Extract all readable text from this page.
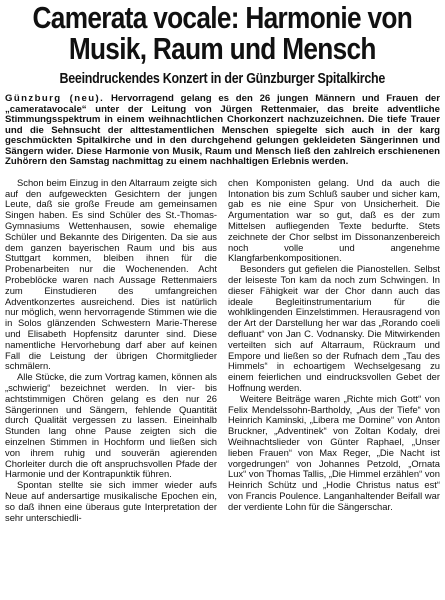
Camerata vocale: Harmonie von Musik, Raum und Mensch
Beeindruckendes Konzert in der Günzburger Spitalkirche

Günzburg (neu). Hervorragend gelang es den 26 jungen Männern und Frauen der „cameratavocale“ unter der Leitung von Jürgen Rettenmaier, das breite adventliche Stimmungsspektrum in einem weihnachtlichen Chorkonzert nachzuzeichnen. Die tiefe Trauer und die Sehnsucht der alttestamentlichen Menschen spiegelte sich auch in der karg geschmückten Spitalkirche und in den durchgehend gelungen gekleideten Sängerinnen und Sängern wider. Diese Harmonie von Musik, Raum und Mensch ließ den zahlreich erschienenen Zuhörern den Samstag nachmittag zu einem nachhaltigen Erlebnis werden.

Schon beim Einzug in den Altarraum zeigte sich auf den aufgeweckten Gesichtern der jungen Leute, daß sie große Freude am gemeinsamen Singen haben. Es sind Schüler des St.-Thomas-Gymnasiums Wettenhausen, sowie ehemalige Schüler und Bekannte des Dirigenten. Da sie aus dem ganzen bayerischen Raum und bis aus Stuttgart kommen, bleiben ihnen für die Probenarbeiten nur die Wochenenden. Acht Probeblöcke waren nach Aussage Rettenmaiers zum Einstudieren des umfangreichen Adventkonzertes ausreichend. Dies ist natürlich nur möglich, wenn hervorragende Stimmen wie die in Solos glänzenden Schwestern Marie-Therese und Elisabeth Hopfensitz darunter sind. Diese namentliche Hervorhebung darf aber auf keinen Fall die Leistung der übrigen Chormitglieder schmälern.

Alle Stücke, die zum Vortrag kamen, können als „schwierig“ bezeichnet werden. In vier- bis achtstimmigen Chören gelang es den nur 26 Sängerinnen und Sängern, fehlende Quantität durch Qualität vergessen zu lassen. Eineinhalb Stunden lang ohne Pause zeigten sich die einzelnen Stimmen in Hochform und ließen sich von ihrem ruhig und souverän agierenden Chorleiter durch die oft anspruchsvollen Pfade der Harmonie und der Kontrapunktik führen.

Spontan stellte sie sich immer wieder aufs Neue auf andersartige musikalische Epochen ein, so daß ihnen eine überaus gute Interpretation der sehr unterschiedli-

chen Komponisten gelang. Und da auch die Intonation bis zum Schluß sauber und sicher kam, gab es nie eine Spur von Unsicherheit. Die Argumentation war so gut, daß es der zum Mittelsen aufliegenden Texte bedurfte. Stets zeichnete der Chor selbst im Dissonanzenbereich noch volle und angenehme Klangfarbenkompositionen.

Besonders gut gefielen die Pianostellen. Selbst der leiseste Ton kam da noch zum Schwingen. In dieser Fähigkeit war der Chor dann auch das ideale Begleitinstrumentarium für die wohlklingenden Einzelstimmen. Herausragend von der Art der Darstellung her war das „Rorando coeli defluant“ von Jan C. Vodnansky. Die Mitwirkenden verteilten sich auf Altarraum, Rückraum und Empore und ließen so der Rufnach dem „Tau des Himmels“ in echoartigem Wechselgesang zu einem feierlichen und eindrucksvollen Gebet der Hoffnung werden.

Weitere Beiträge waren „Richte mich Gott“ von Felix Mendelssohn-Bartholdy, „Aus der Tiefe“ von Heinrich Kaminski, „Libera me Domine“ von Anton Bruckner, „Adventinek“ von Zoltan Kodaly, drei Weihnachtslieder von Günter Raphael, „Unser lieben Frauen“ von Max Reger, „Die Nacht ist vorgedrungen“ von Johannes Petzold, „Ornata Lux“ von Thomas Tallis, „Die Himmel erzählen“ von Heinrich Schütz und „Hodie Christus natus est“ von Francis Poulence. Langanhaltender Beifall war der verdiente Lohn für die Sängerschar.
